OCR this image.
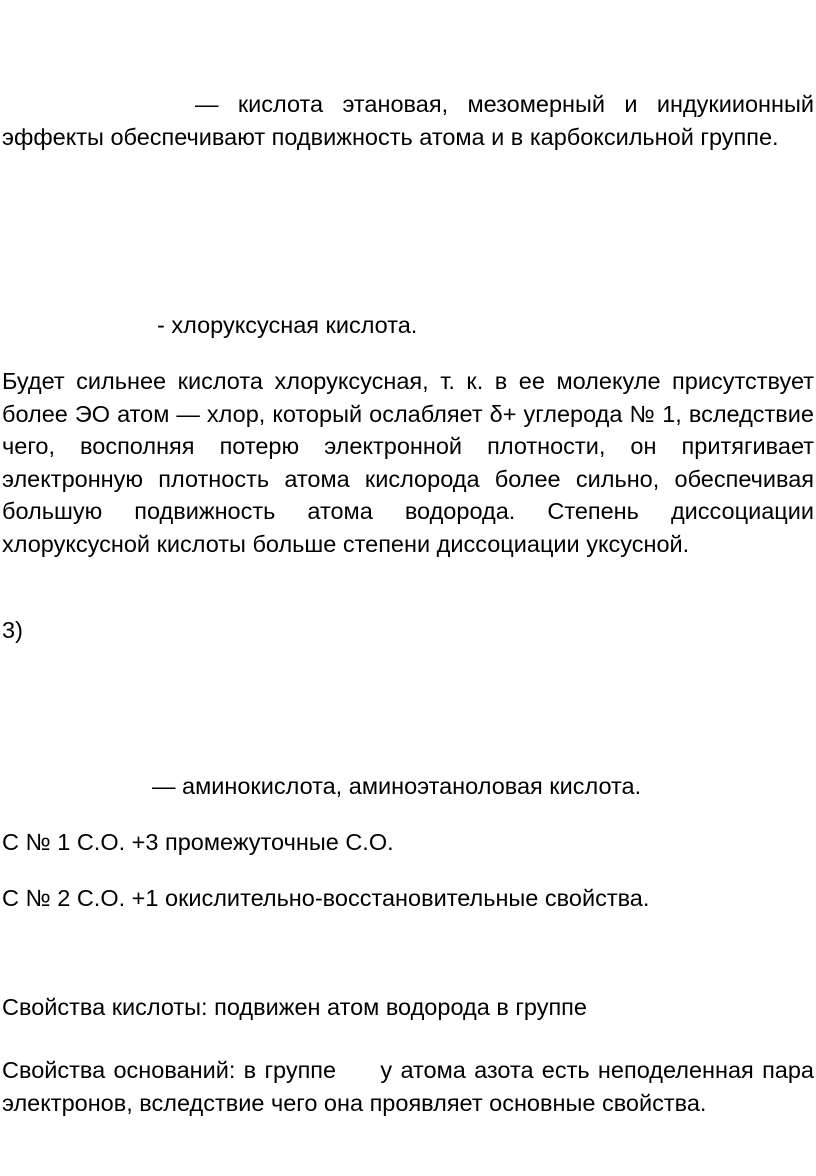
— кислота этановая, мезомерный и индукиионный эффекты обеспечивают подвижность атома и в карбоксильной группе.

- хлоруксусная кислота.

Будет сильнее кислота хлоруксусная, т. к. в ее молекуле присутствует более ЭО атом — хлор, который ослабляет δ+ углерода № 1, вследствие чего, восполняя потерю электронной плотности, он притягивает электронную плотность атома кислорода более сильно, обеспечивая большую подвижность атома водорода. Степень диссоциации хлоруксусной кислоты больше степени диссоциации уксусной.

3)

— аминокислота, аминоэтаноловая кислота.

С № 1 С.О. +3 промежуточные С.О.

С № 2 С.О. +1 окислительно-восстановительные свойства.

Свойства кислоты: подвижен атом водорода в группе

Свойства оснований: в группе у атома азота есть неподеленная пара электронов, вследствие чего она проявляет основные свойства.
